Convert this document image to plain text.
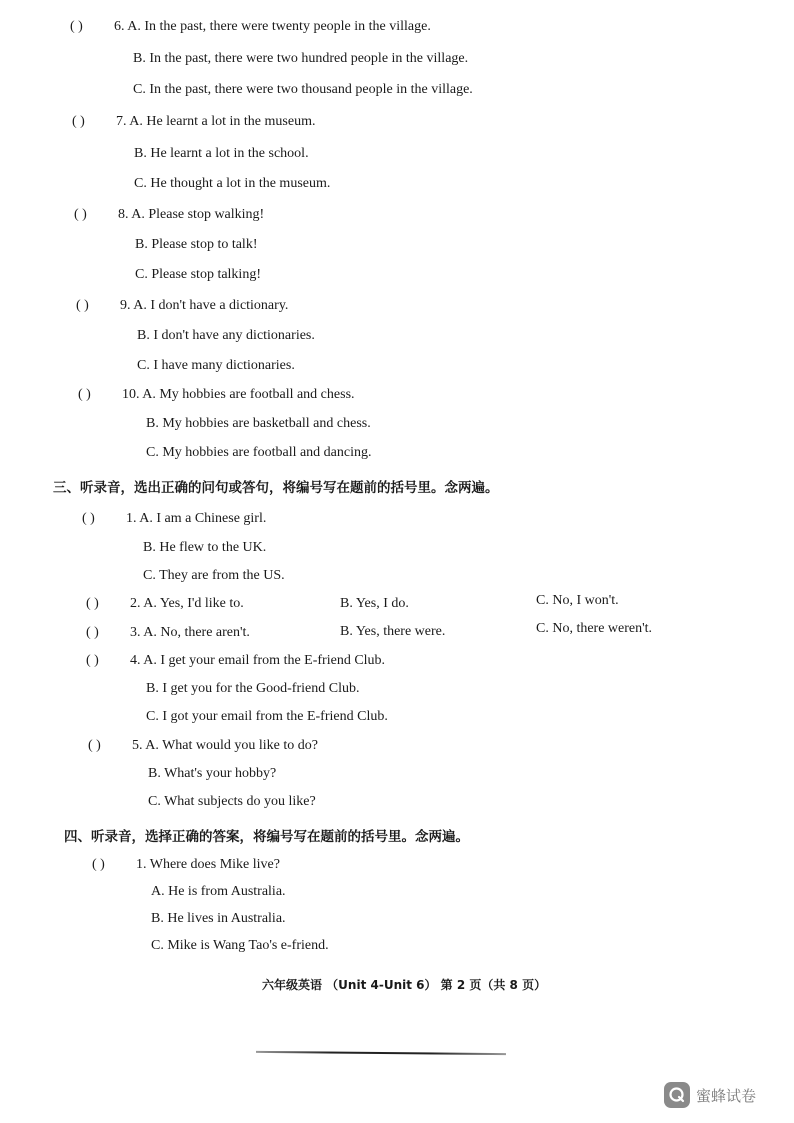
( ) 6. A. In the past, there were twenty people in the village.
B. In the past, there were two hundred people in the village.
C. In the past, there were two thousand people in the village.
( ) 7. A. He learnt a lot in the museum.
B. He learnt a lot in the school.
C. He thought a lot in the museum.
( ) 8. A. Please stop walking!
B. Please stop to talk!
C. Please stop talking!
( ) 9. A. I don't have a dictionary.
B. I don't have any dictionaries.
C. I have many dictionaries.
( ) 10. A. My hobbies are football and chess.
B. My hobbies are basketball and chess.
C. My hobbies are football and dancing.
三、听录音，选出正确的问句或答句，将编号写在题前的括号里。念两遍。
( ) 1. A. I am a Chinese girl.
B. He flew to the UK.
C. They are from the US.
( ) 2. A. Yes, I'd like to.	B. Yes, I do.	C. No, I won't.
( ) 3. A. No, there aren't.	B. Yes, there were.	C. No, there weren't.
( ) 4. A. I get your email from the E-friend Club.
B. I get you for the Good-friend Club.
C. I got your email from the E-friend Club.
( ) 5. A. What would you like to do?
B. What's your hobby?
C. What subjects do you like?
四、听录音，选择正确的答案，将编号写在题前的括号里。念两遍。
( ) 1. Where does Mike live?
A. He is from Australia.
B. He lives in Australia.
C. Mike is Wang Tao's e-friend.
六年级英语 （Unit 4-Unit 6） 第 2 页（共 8 页）
蜜蜂试卷
